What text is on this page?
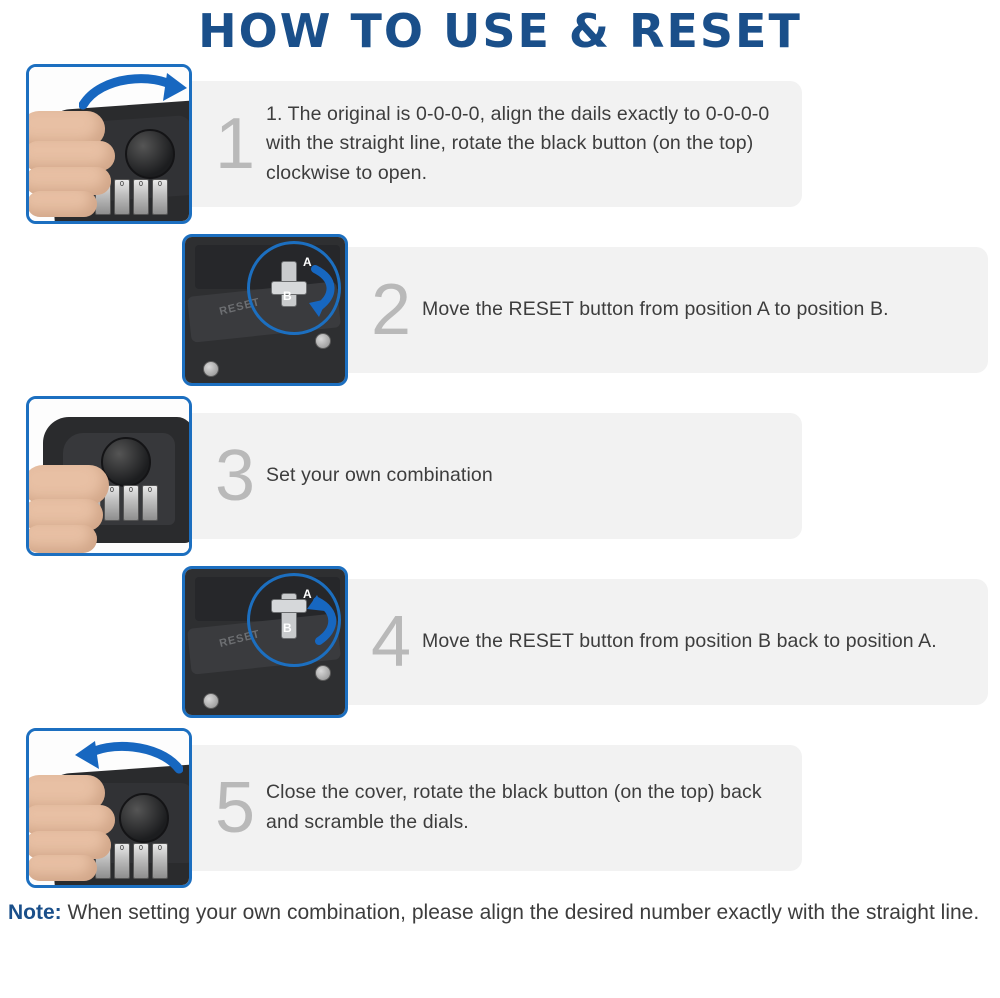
HOW TO USE & RESET
0	0	0
1 1. The original is 0-0-0-0, align the dails exactly to 0-0-0-0 with the straight line, rotate the black button (on the top) clockwise to open.
RESET
A
B 2 Move the RESET button from position A to position B.
0	0	0 3 Set your own combination
RESET
A
B 4 Move the RESET button from position B back to position A.
0	0	0
5 Close the cover, rotate the black button (on the top) back and scramble the dials.
Note: When setting your own combination, please align the desired number exactly with the straight line.
